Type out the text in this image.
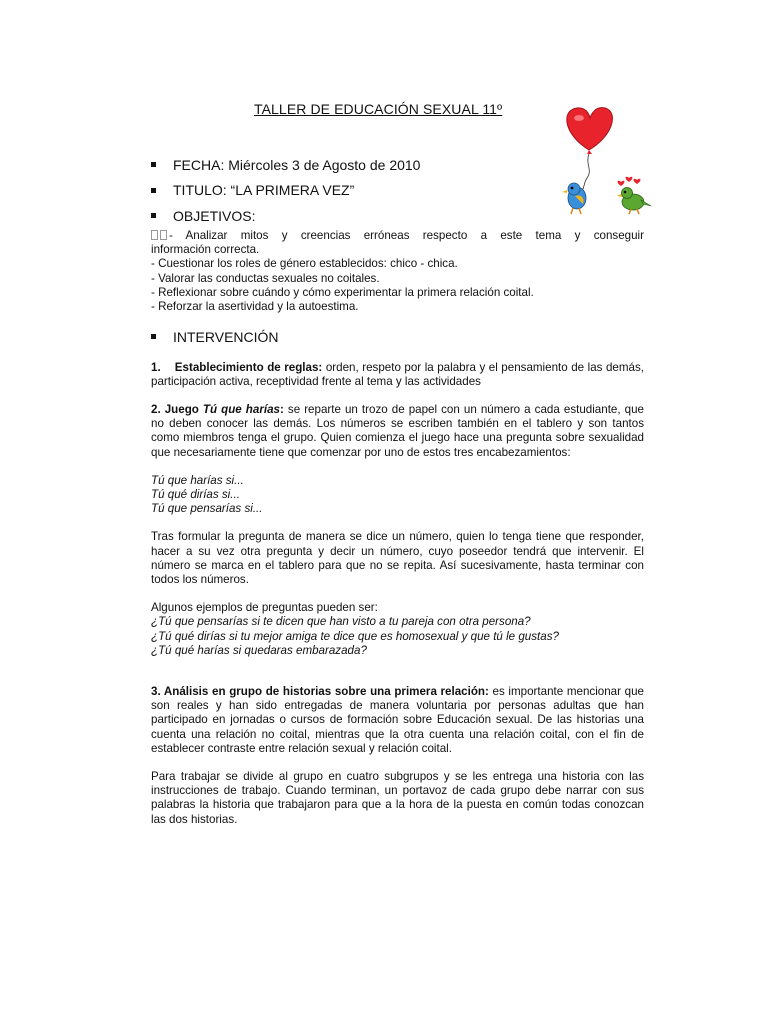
TALLER DE EDUCACIÓN SEXUAL 11º
FECHA: Miércoles 3 de Agosto de 2010
TITULO: “LA PRIMERA VEZ”
OBJETIVOS:
- Analizar mitos y creencias erróneas respecto a este tema y conseguir
información correcta.
- Cuestionar los roles de género establecidos: chico - chica.
- Valorar las conductas sexuales no coitales.
- Reflexionar sobre cuándo y cómo experimentar la primera relación coital.
- Reforzar la asertividad y la autoestima.
INTERVENCIÓN

1. Establecimiento de reglas: orden, respeto por la palabra y el pensamiento de las demás, participación activa, receptividad frente al tema y las actividades

2. Juego Tú que harías: se reparte un trozo de papel con un número a cada estudiante, que no deben conocer las demás. Los números se escriben también en el tablero y son tantos como miembros tenga el grupo. Quien comienza el juego hace una pregunta sobre sexualidad que necesariamente tiene que comenzar por uno de estos tres encabezamientos:

Tú que harías si...
Tú qué dirías si...
Tú que pensarías si...

Tras formular la pregunta de manera se dice un número, quien lo tenga tiene que responder, hacer a su vez otra pregunta y decir un número, cuyo poseedor tendrá que intervenir. El número se marca en el tablero para que no se repita. Así sucesivamente, hasta terminar con todos los números.

Algunos ejemplos de preguntas pueden ser:
¿Tú que pensarías si te dicen que han visto a tu pareja con otra persona?
¿Tú qué dirías si tu mejor amiga te dice que es homosexual y que tú le gustas?
¿Tú qué harías si quedaras embarazada?

3. Análisis en grupo de historias sobre una primera relación: es importante mencionar que son reales y han sido entregadas de manera voluntaria por personas adultas que han participado en jornadas o cursos de formación sobre Educación sexual. De las historias una cuenta una relación no coital, mientras que la otra cuenta una relación coital, con el fin de establecer contraste entre relación sexual y relación coital.

Para trabajar se divide al grupo en cuatro subgrupos y se les entrega una historia con las instrucciones de trabajo. Cuando terminan, un portavoz de cada grupo debe narrar con sus palabras la historia que trabajaron para que a la hora de la puesta en común todas conozcan las dos historias.
